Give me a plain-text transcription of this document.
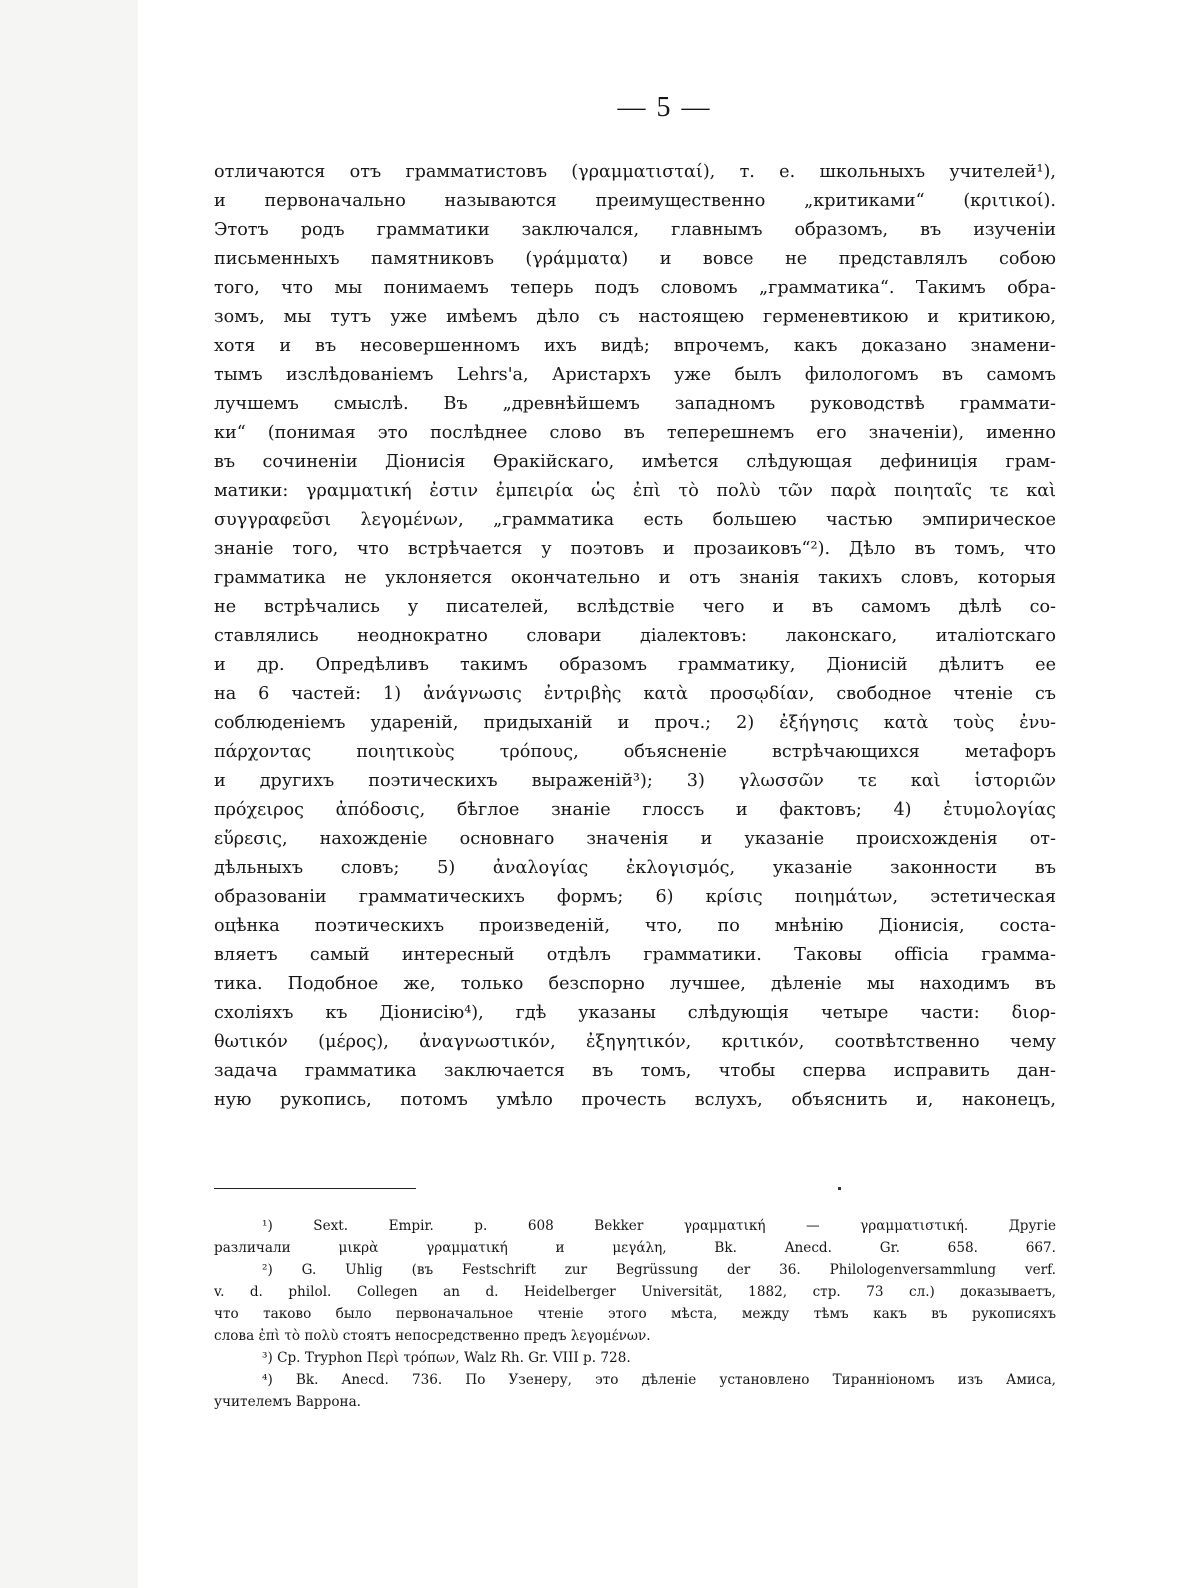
— 5 —
отличаются отъ грамматистовъ (γραμματισταί), т. е. школьныхъ учителей¹),
и первоначально называются преимущественно „критиками“ (κριτικοί).
Этотъ родъ грамматики заключался, главнымъ образомъ, въ изученіи
письменныхъ памятниковъ (γράμματα) и вовсе не представлялъ собою
того, что мы понимаемъ теперь подъ словомъ „грамматика“. Такимъ обра-
зомъ, мы тутъ уже имѣемъ дѣло съ настоящею герменевтикою и критикою,
хотя и въ несовершенномъ ихъ видѣ; впрочемъ, какъ доказано знамени-
тымъ изслѣдованіемъ Lehrs'а, Аристархъ уже былъ филологомъ въ самомъ
лучшемъ смыслѣ. Въ „древнѣйшемъ западномъ руководствѣ граммати-
ки“ (понимая это послѣднее слово въ теперешнемъ его значеніи), именно
въ сочиненіи Діонисія Ѳракійскаго, имѣется слѣдующая дефиниція грам-
матики: γραμματική ἐστιν ἐμπειρία ὡς ἐπὶ τὸ πολὺ τῶν παρὰ ποιηταῖς τε καὶ
συγγραφεῦσι λεγομένων, „грамматика есть большею частью эмпирическое
знаніе того, что встрѣчается у поэтовъ и прозаиковъ“²). Дѣло въ томъ, что
грамматика не уклоняется окончательно и отъ знанія такихъ словъ, которыя
не встрѣчались у писателей, вслѣдствіе чего и въ самомъ дѣлѣ со-
ставлялись неоднократно словари діалектовъ: лаконскаго, италіотскаго
и др. Опредѣливъ такимъ образомъ грамматику, Діонисій дѣлитъ ее
на 6 частей: 1) ἀνάγνωσις ἐντριβὴς κατὰ προσῳδίαν, свободное чтеніе съ
соблюденіемъ удареній, придыханій и проч.; 2) ἐξήγησις κατὰ τοὺς ἐνυ-
πάρχοντας ποιητικοὺς τρόπους, объясненіе встрѣчающихся метафоръ
и другихъ поэтическихъ выраженій³); 3) γλωσσῶν τε καὶ ἱστοριῶν
πρόχειρος ἀπόδοσις, бѣглое знаніе глоссъ и фактовъ; 4) ἐτυμολογίας
εὕρεσις, нахожденіе основнаго значенія и указаніе происхожденія от-
дѣльныхъ словъ; 5) ἀναλογίας ἐκλογισμός, указаніе законности въ
образованіи грамматическихъ формъ; 6) κρίσις ποιημάτων, эстетическая
оцѣнка поэтическихъ произведеній, что, по мнѣнію Діонисія, соста-
вляетъ самый интересный отдѣлъ грамматики. Таковы officia грамма-
тика. Подобное же, только безспорно лучшее, дѣленіе мы находимъ въ
схоліяхъ къ Діонисію⁴), гдѣ указаны слѣдующія четыре части: διορ-
θωτικόν (μέρος), ἀναγνωστικόν, ἐξηγητικόν, κριτικόν, соотвѣтственно чему
задача грамматика заключается въ томъ, чтобы сперва исправить дан-
ную рукопись, потомъ умѣло прочесть вслухъ, объяснить и, наконецъ,
¹) Sext. Empir. p. 608 Bekker γραμματική — γραμματιστική. Другіе
различали μικρὰ γραμματική и μεγάλη, Bk. Anecd. Gr. 658. 667.
²) G. Uhlig (въ Festschrift zur Begrüssung der 36. Philologenversammlung verf.
v. d. philol. Collegen an d. Heidelberger Universität, 1882, стр. 73 сл.) доказываетъ,
что таково было первоначальное чтеніе этого мѣста, между тѣмъ какъ въ рукописяхъ
слова ἐπὶ τὸ πολὺ стоятъ непосредственно предъ λεγομένων.
³) Cp. Tryphon Περὶ τρόπων, Walz Rh. Gr. VIII p. 728.
⁴) Bk. Anecd. 736. По Узенеру, это дѣленіе установлено Тиранніономъ изъ Амиса,
учителемъ Варрона.
